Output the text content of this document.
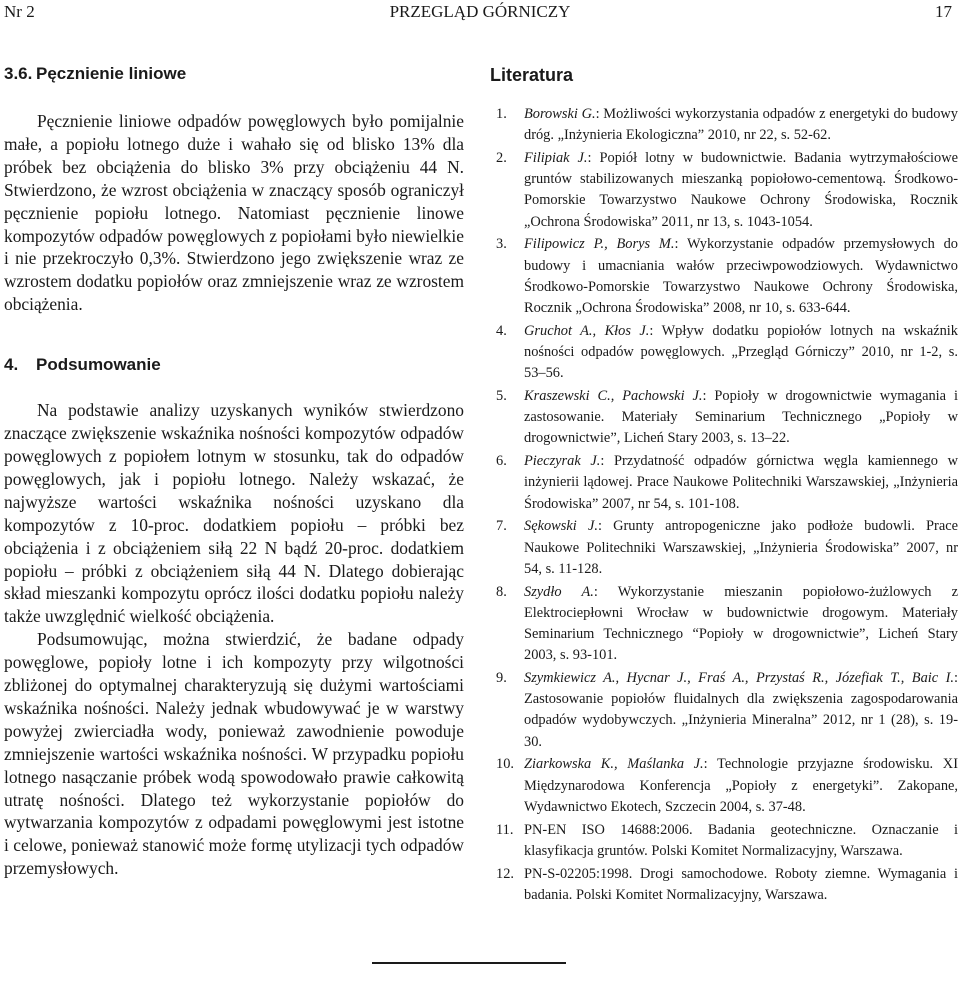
Nr 2	PRZEGLĄD GÓRNICZY	17
3.6. Pęcznienie liniowe

Pęcznienie liniowe odpadów powęglowych było pomijalnie małe, a popiołu lotnego duże i wahało się od blisko 13% dla próbek bez obciążenia do blisko 3% przy obciążeniu 44 N. Stwierdzono, że wzrost obciążenia w znaczący sposób ograniczył pęcznienie popiołu lotnego. Natomiast pęcznienie linowe kompozytów odpadów powęglowych z popiołami było niewielkie i nie przekroczyło 0,3%. Stwierdzono jego zwiększenie wraz ze wzrostem dodatku popiołów oraz zmniejszenie wraz ze wzrostem obciążenia.

4. Podsumowanie

Na podstawie analizy uzyskanych wyników stwierdzono znaczące zwiększenie wskaźnika nośności kompozytów odpadów powęglowych z popiołem lotnym w stosunku, tak do odpadów powęglowych, jak i popiołu lotnego. Należy wskazać, że najwyższe wartości wskaźnika nośności uzyskano dla kompozytów z 10-proc. dodatkiem popiołu – próbki bez obciążenia i z obciążeniem siłą 22 N bądź 20-proc. dodatkiem popiołu – próbki z obciążeniem siłą 44 N. Dlatego dobierając skład mieszanki kompozytu oprócz ilości dodatku popiołu należy także uwzględnić wielkość obciążenia.

Podsumowując, można stwierdzić, że badane odpady powęglowe, popioły lotne i ich kompozyty przy wilgotności zbliżonej do optymalnej charakteryzują się dużymi wartościami wskaźnika nośności. Należy jednak wbudowywać je w warstwy powyżej zwierciadła wody, ponieważ zawodnienie powoduje zmniejszenie wartości wskaźnika nośności. W przypadku popiołu lotnego nasączanie próbek wodą spowodowało prawie całkowitą utratę nośności. Dlatego też wykorzystanie popiołów do wytwarzania kompozytów z odpadami powęglowymi jest istotne i celowe, ponieważ stanowić może formę utylizacji tych odpadów przemysłowych.

Literatura
1. Borowski G.: Możliwości wykorzystania odpadów z energetyki do budowy dróg. „Inżynieria Ekologiczna” 2010, nr 22, s. 52-62.
2. Filipiak J.: Popiół lotny w budownictwie. Badania wytrzymałościowe gruntów stabilizowanych mieszanką popiołowo-cementową. Środkowo-Pomorskie Towarzystwo Naukowe Ochrony Środowiska, Rocznik „Ochrona Środowiska” 2011, nr 13, s. 1043-1054.
3. Filipowicz P., Borys M.: Wykorzystanie odpadów przemysłowych do budowy i umacniania wałów przeciwpowodziowych. Wydawnictwo Środkowo-Pomorskie Towarzystwo Naukowe Ochrony Środowiska, Rocznik „Ochrona Środowiska” 2008, nr 10, s. 633-644.
4. Gruchot A., Kłos J.: Wpływ dodatku popiołów lotnych na wskaźnik nośności odpadów powęglowych. „Przegląd Górniczy” 2010, nr 1-2, s. 53–56.
5. Kraszewski C., Pachowski J.: Popioły w drogownictwie wymagania i zastosowanie. Materiały Seminarium Technicznego „Popioły w drogownictwie”, Licheń Stary 2003, s. 13–22.
6. Pieczyrak J.: Przydatność odpadów górnictwa węgla kamiennego w inżynierii lądowej. Prace Naukowe Politechniki Warszawskiej, „Inżynieria Środowiska” 2007, nr 54, s. 101-108.
7. Sękowski J.: Grunty antropogeniczne jako podłoże budowli. Prace Naukowe Politechniki Warszawskiej, „Inżynieria Środowiska” 2007, nr 54, s. 11-128.
8. Szydło A.: Wykorzystanie mieszanin popiołowo-żużlowych z Elektrociepłowni Wrocław w budownictwie drogowym. Materiały Seminarium Technicznego “Popioły w drogownictwie”, Licheń Stary 2003, s. 93-101.
9. Szymkiewicz A., Hycnar J., Fraś A., Przystaś R., Józefiak T., Baic I.: Zastosowanie popiołów fluidalnych dla zwiększenia zagospodarowania odpadów wydobywczych. „Inżynieria Mineralna” 2012, nr 1 (28), s. 19-30.
10. Ziarkowska K., Maślanka J.: Technologie przyjazne środowisku. XI Międzynarodowa Konferencja „Popioły z energetyki”. Zakopane, Wydawnictwo Ekotech, Szczecin 2004, s. 37-48.
11. PN-EN ISO 14688:2006. Badania geotechniczne. Oznaczanie i klasyfikacja gruntów. Polski Komitet Normalizacyjny, Warszawa.
12. PN-S-02205:1998. Drogi samochodowe. Roboty ziemne. Wymagania i badania. Polski Komitet Normalizacyjny, Warszawa.
